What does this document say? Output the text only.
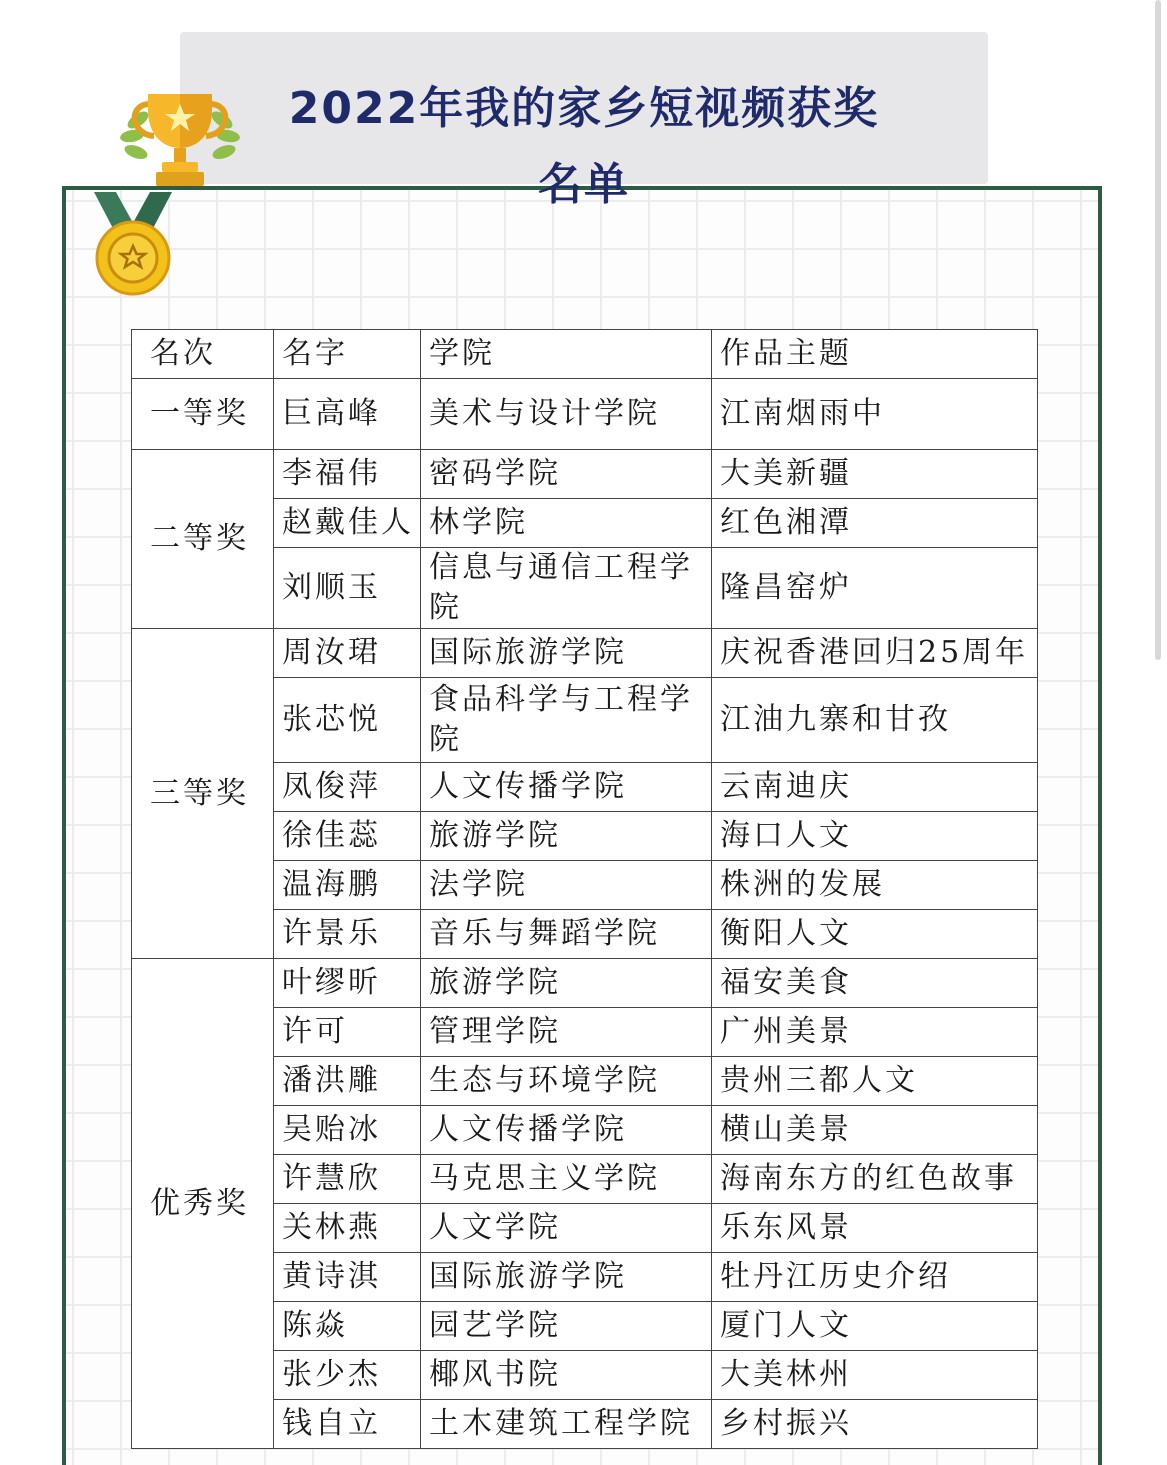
2022年我的家乡短视频获奖
名单
名次	名字	学院	作品主题
一等奖	巨高峰	美术与设计学院	江南烟雨中
二等奖	李福伟	密码学院	大美新疆
	赵戴佳人	林学院	红色湘潭
	刘顺玉	信息与通信工程学院	隆昌窑炉
三等奖	周汝珺	国际旅游学院	庆祝香港回归25周年
	张芯悦	食品科学与工程学院	江油九寨和甘孜
	凤俊萍	人文传播学院	云南迪庆
	徐佳蕊	旅游学院	海口人文
	温海鹏	法学院	株洲的发展
	许景乐	音乐与舞蹈学院	衡阳人文
优秀奖	叶缪昕	旅游学院	福安美食
	许可	管理学院	广州美景
	潘洪雕	生态与环境学院	贵州三都人文
	吴贻冰	人文传播学院	横山美景
	许慧欣	马克思主义学院	海南东方的红色故事
	关林燕	人文学院	乐东风景
	黄诗淇	国际旅游学院	牡丹江历史介绍
	陈焱	园艺学院	厦门人文
	张少杰	椰风书院	大美林州
	钱自立	土木建筑工程学院	乡村振兴
